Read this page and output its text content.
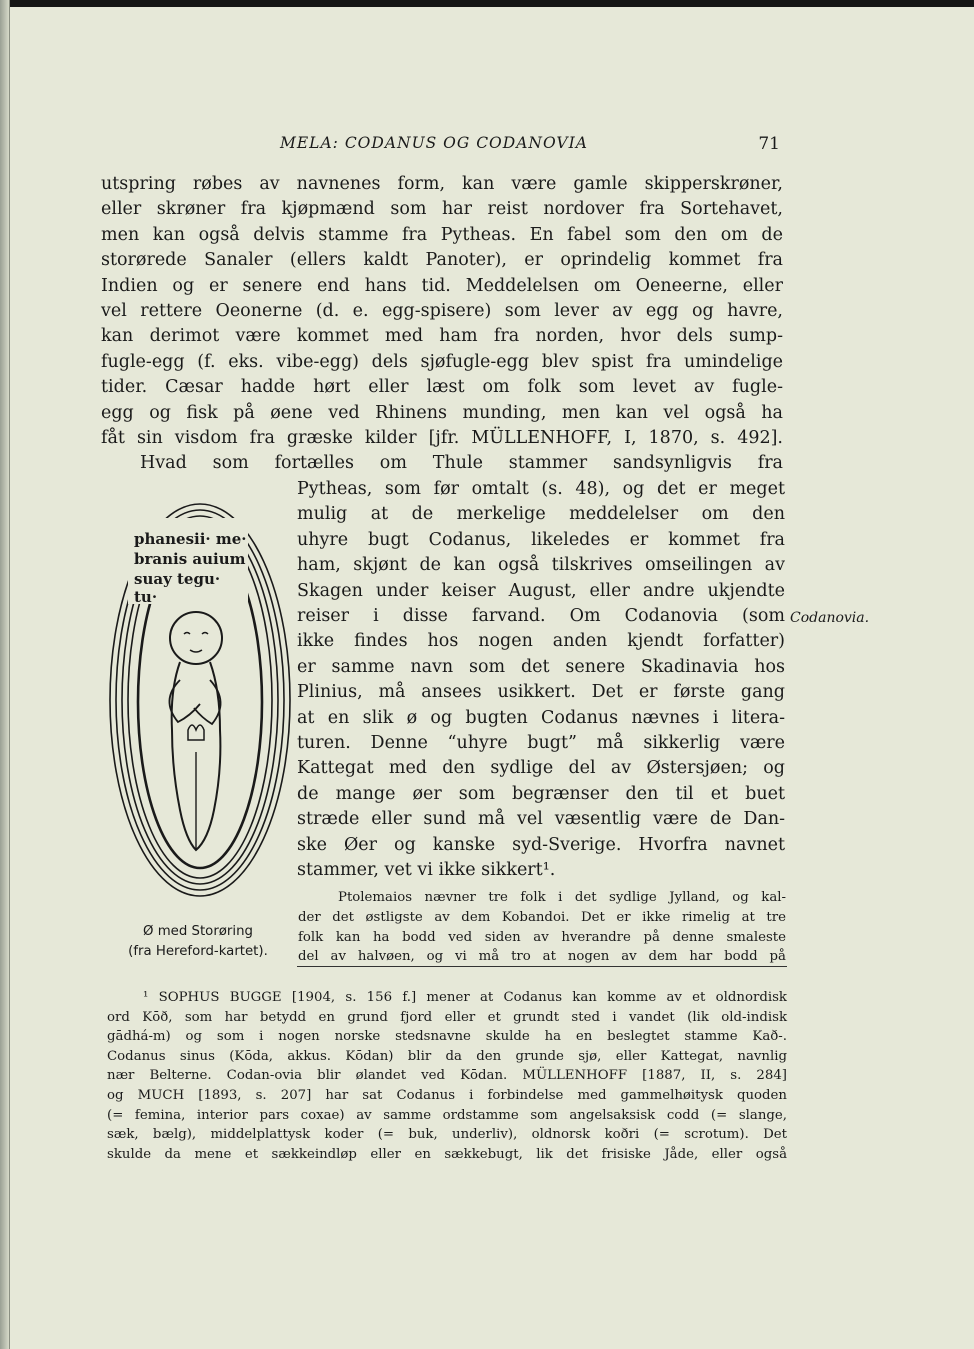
MELA: CODANUS OG CODANOVIA	71
utspring røbes av navnenes form, kan være gamle skipperskrøner,
eller skrøner fra kjøpmænd som har reist nordover fra Sortehavet,
men kan også delvis stamme fra Pytheas. En fabel som den om de
storørede Sanaler (ellers kaldt Panoter), er oprindelig kommet fra
Indien og er senere end hans tid. Meddelelsen om Oeneerne, eller
vel rettere Oeonerne (d. e. egg-spisere) som lever av egg og havre,
kan derimot være kommet med ham fra norden, hvor dels sump-
fugle-egg (f. eks. vibe-egg) dels sjøfugle-egg blev spist fra umindelige
tider. Cæsar hadde hørt eller læst om folk som levet av fugle-
egg og fisk på øene ved Rhinens munding, men kan vel også ha
fåt sin visdom fra græske kilder [jfr. MÜLLENHOFF, I, 1870, s. 492].
Hvad som fortælles om Thule stammer sandsynligvis fra
Pytheas, som før omtalt (s. 48), og det er meget
mulig at de merkelige meddelelser om den
uhyre bugt Codanus, likeledes er kommet fra
ham, skjønt de kan også tilskrives omseilingen av
Skagen under keiser August, eller andre ukjendte
reiser i disse farvand. Om Codanovia (som
ikke findes hos nogen anden kjendt forfatter)
er samme navn som det senere Skadinavia hos
Plinius, må ansees usikkert. Det er første gang
at en slik ø og bugten Codanus nævnes i litera-
turen. Denne “uhyre bugt” må sikkerlig være
Kattegat med den sydlige del av Østersjøen; og
de mange øer som begrænser den til et buet
stræde eller sund må vel væsentlig være de Dan-
ske Øer og kanske syd-Sverige. Hvorfra navnet
stammer, vet vi ikke sikkert¹.
Codanovia.
Ptolemaios nævner tre folk i det sydlige Jylland, og kal-
der det østligste av dem Kobandoi. Det er ikke rimelig at tre
folk kan ha bodd ved siden av hverandre på denne smaleste
del av halvøen, og vi må tro at nogen av dem har bodd på
phanesii· me·
branis auium
suay tegu·
tu·
Ø med Storøring
(fra Hereford-kartet).
¹ SOPHUS BUGGE [1904, s. 156 f.] mener at Codanus kan komme av et oldnordisk
ord Kōð, som har betydd en grund fjord eller et grundt sted i vandet (lik old-indisk
gādhá-m) og som i nogen norske stedsnavne skulde ha en beslegtet stamme Kað-.
Codanus sinus (Kōda, akkus. Kōdan) blir da den grunde sjø, eller Kattegat, navnlig
nær Belterne. Codan-ovia blir ølandet ved Kōdan. MÜLLENHOFF [1887, II, s. 284]
og MUCH [1893, s. 207] har sat Codanus i forbindelse med gammelhøitysk quoden
(= femina, interior pars coxae) av samme ordstamme som angelsaksisk codd (= slange,
sæk, bælg), middelplattysk koder (= buk, underliv), oldnorsk koðri (= scrotum). Det
skulde da mene et sækkeindløp eller en sækkebugt, lik det frisiske Jåde, eller også
